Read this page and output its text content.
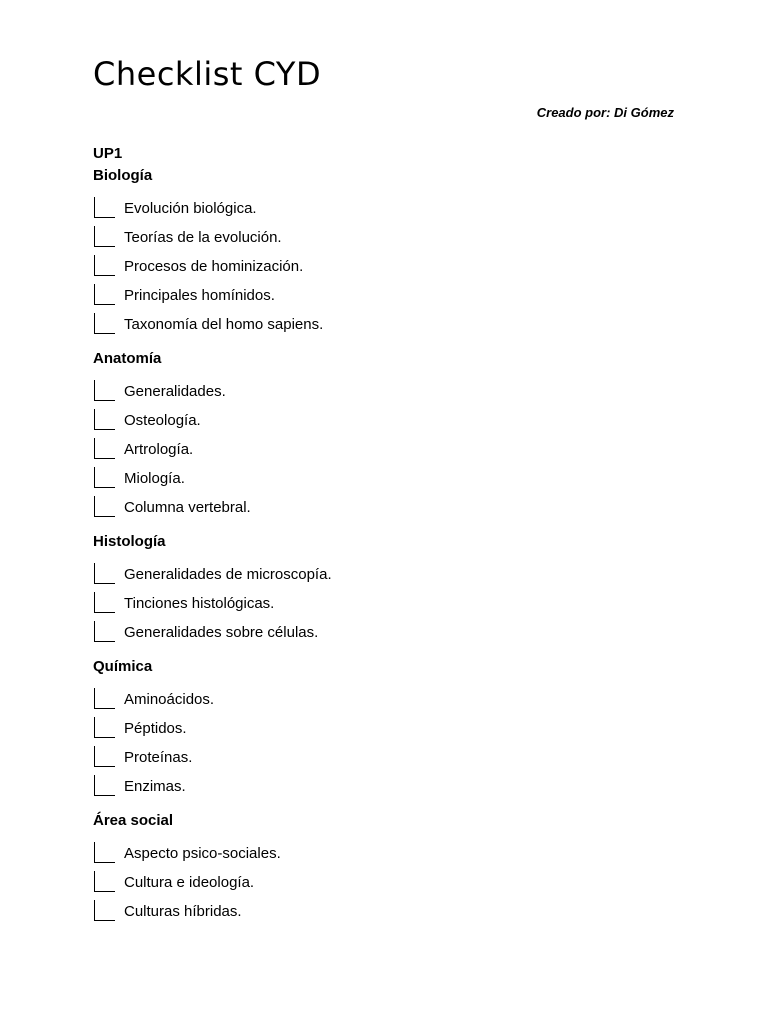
Checklist CYD
Creado por: Di Gómez
UP1
Biología
Evolución biológica.
Teorías de la evolución.
Procesos de hominización.
Principales homínidos.
Taxonomía del homo sapiens.
Anatomía
Generalidades.
Osteología.
Artrología.
Miología.
Columna vertebral.
Histología
Generalidades de microscopía.
Tinciones histológicas.
Generalidades sobre células.
Química
Aminoácidos.
Péptidos.
Proteínas.
Enzimas.
Área social
Aspecto psico-sociales.
Cultura e ideología.
Culturas híbridas.
